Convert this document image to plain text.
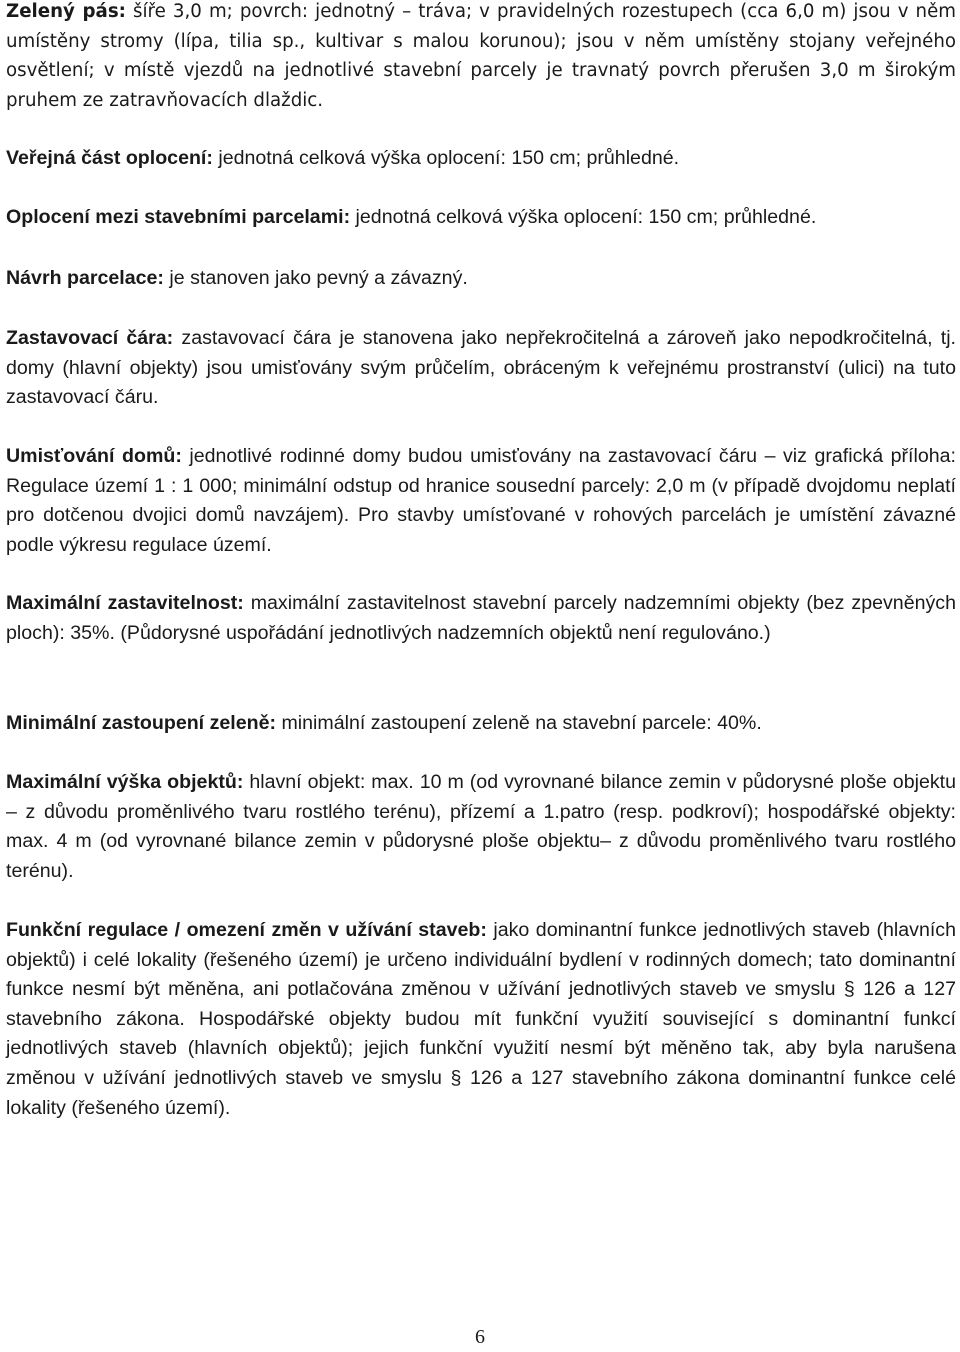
Zelený pás: šíře 3,0 m; povrch: jednotný – tráva; v pravidelných rozestupech (cca 6,0 m) jsou v něm umístěny stromy (lípa, tilia sp., kultivar s malou korunou); jsou v něm umístěny stojany veřejného osvětlení; v místě vjezdů na jednotlivé stavební parcely je travnatý povrch přerušen 3,0 m širokým pruhem ze zatravňovacích dlaždic.

Veřejná část oplocení: jednotná celková výška oplocení: 150 cm; průhledné.

Oplocení mezi stavebními parcelami: jednotná celková výška oplocení: 150 cm; průhledné.

Návrh parcelace: je stanoven jako pevný a závazný.

Zastavovací čára: zastavovací čára je stanovena jako nepřekročitelná a zároveň jako nepodkročitelná, tj. domy (hlavní objekty) jsou umisťovány svým průčelím, obráceným k veřejnému prostranství (ulici) na tuto zastavovací čáru.

Umisťování domů: jednotlivé rodinné domy budou umisťovány na zastavovací čáru – viz grafická příloha: Regulace území 1 : 1 000; minimální odstup od hranice sousední parcely: 2,0 m (v případě dvojdomu neplatí pro dotčenou dvojici domů navzájem). Pro stavby umísťované v rohových parcelách je umístění závazné podle výkresu regulace území.

Maximální zastavitelnost: maximální zastavitelnost stavební parcely nadzemními objekty (bez zpevněných ploch): 35%. (Půdorysné uspořádání jednotlivých nadzemních objektů není regulováno.)

Minimální zastoupení zeleně: minimální zastoupení zeleně na stavební parcele: 40%.

Maximální výška objektů: hlavní objekt: max. 10 m (od vyrovnané bilance zemin v půdorysné ploše objektu – z důvodu proměnlivého tvaru rostlého terénu), přízemí a 1.patro (resp. podkroví); hospodářské objekty: max. 4 m (od vyrovnané bilance zemin v půdorysné ploše objektu– z důvodu proměnlivého tvaru rostlého terénu).

Funkční regulace / omezení změn v užívání staveb: jako dominantní funkce jednotlivých staveb (hlavních objektů) i celé lokality (řešeného území) je určeno individuální bydlení v rodinných domech; tato dominantní funkce nesmí být měněna, ani potlačována změnou v užívání jednotlivých staveb ve smyslu § 126 a 127 stavebního zákona. Hospodářské objekty budou mít funkční využití související s dominantní funkcí jednotlivých staveb (hlavních objektů); jejich funkční využití nesmí být měněno tak, aby byla narušena změnou v užívání jednotlivých staveb ve smyslu § 126 a 127 stavebního zákona dominantní funkce celé lokality (řešeného území).

6
